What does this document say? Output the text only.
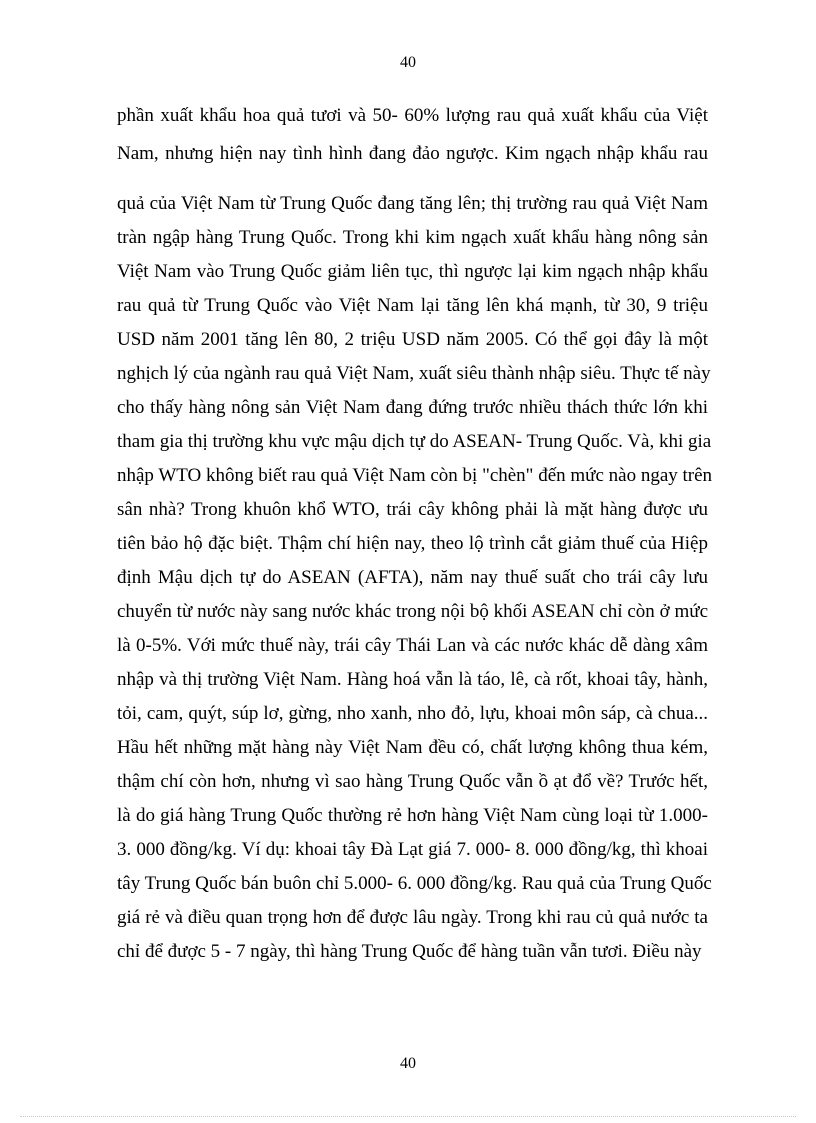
40
phần xuất khẩu hoa quả tươi và 50- 60% lượng rau quả xuất khẩu của Việt
Nam, nhưng hiện nay tình hình đang đảo ngược. Kim ngạch nhập khẩu rau
quả của Việt Nam từ Trung Quốc đang tăng lên; thị trường rau quả Việt Nam
tràn ngập hàng Trung Quốc. Trong khi kim ngạch xuất khẩu hàng nông sản
Việt Nam vào Trung Quốc giảm liên tục, thì ngược lại kim ngạch nhập khẩu
rau quả từ Trung Quốc vào Việt Nam lại tăng lên khá mạnh, từ 30, 9 triệu
USD năm 2001 tăng lên 80, 2 triệu USD năm 2005. Có thể gọi đây là một
nghịch lý của ngành rau quả Việt Nam, xuất siêu thành nhập siêu. Thực tế này
cho thấy hàng nông sản Việt Nam đang đứng trước nhiều thách thức lớn khi
tham gia thị trường khu vực mậu dịch tự do ASEAN- Trung Quốc. Và, khi gia
nhập WTO không biết rau quả Việt Nam còn bị "chèn" đến mức nào ngay trên
sân nhà? Trong khuôn khổ WTO, trái cây không phải là mặt hàng được ưu
tiên bảo hộ đặc biệt. Thậm chí hiện nay, theo lộ trình cắt giảm thuế của Hiệp
định Mậu dịch tự do ASEAN (AFTA), năm nay thuế suất cho trái cây lưu
chuyển từ nước này sang nước khác trong nội bộ khối ASEAN chỉ còn ở mức
là 0-5%. Với mức thuế này, trái cây Thái Lan và các nước khác dễ dàng xâm
nhập và thị trường Việt Nam. Hàng hoá vẫn là táo, lê, cà rốt, khoai tây, hành,
tỏi, cam, quýt, súp lơ, gừng, nho xanh, nho đỏ, lựu, khoai môn sáp, cà chua...
Hầu hết những mặt hàng này Việt Nam đều có, chất lượng không thua kém,
thậm chí còn hơn, nhưng vì sao hàng Trung Quốc vẫn ồ ạt đổ về? Trước hết,
là do giá hàng Trung Quốc thường rẻ hơn hàng Việt Nam cùng loại từ 1.000-
3. 000 đồng/kg. Ví dụ: khoai tây Đà Lạt giá 7. 000- 8. 000 đồng/kg, thì khoai
tây Trung Quốc bán buôn chỉ 5.000- 6. 000 đồng/kg. Rau quả của Trung Quốc
giá rẻ và điều quan trọng hơn để được lâu ngày. Trong khi rau củ quả nước ta
chỉ để được 5 - 7 ngày, thì hàng Trung Quốc để hàng tuần vẫn tươi. Điều này
40
